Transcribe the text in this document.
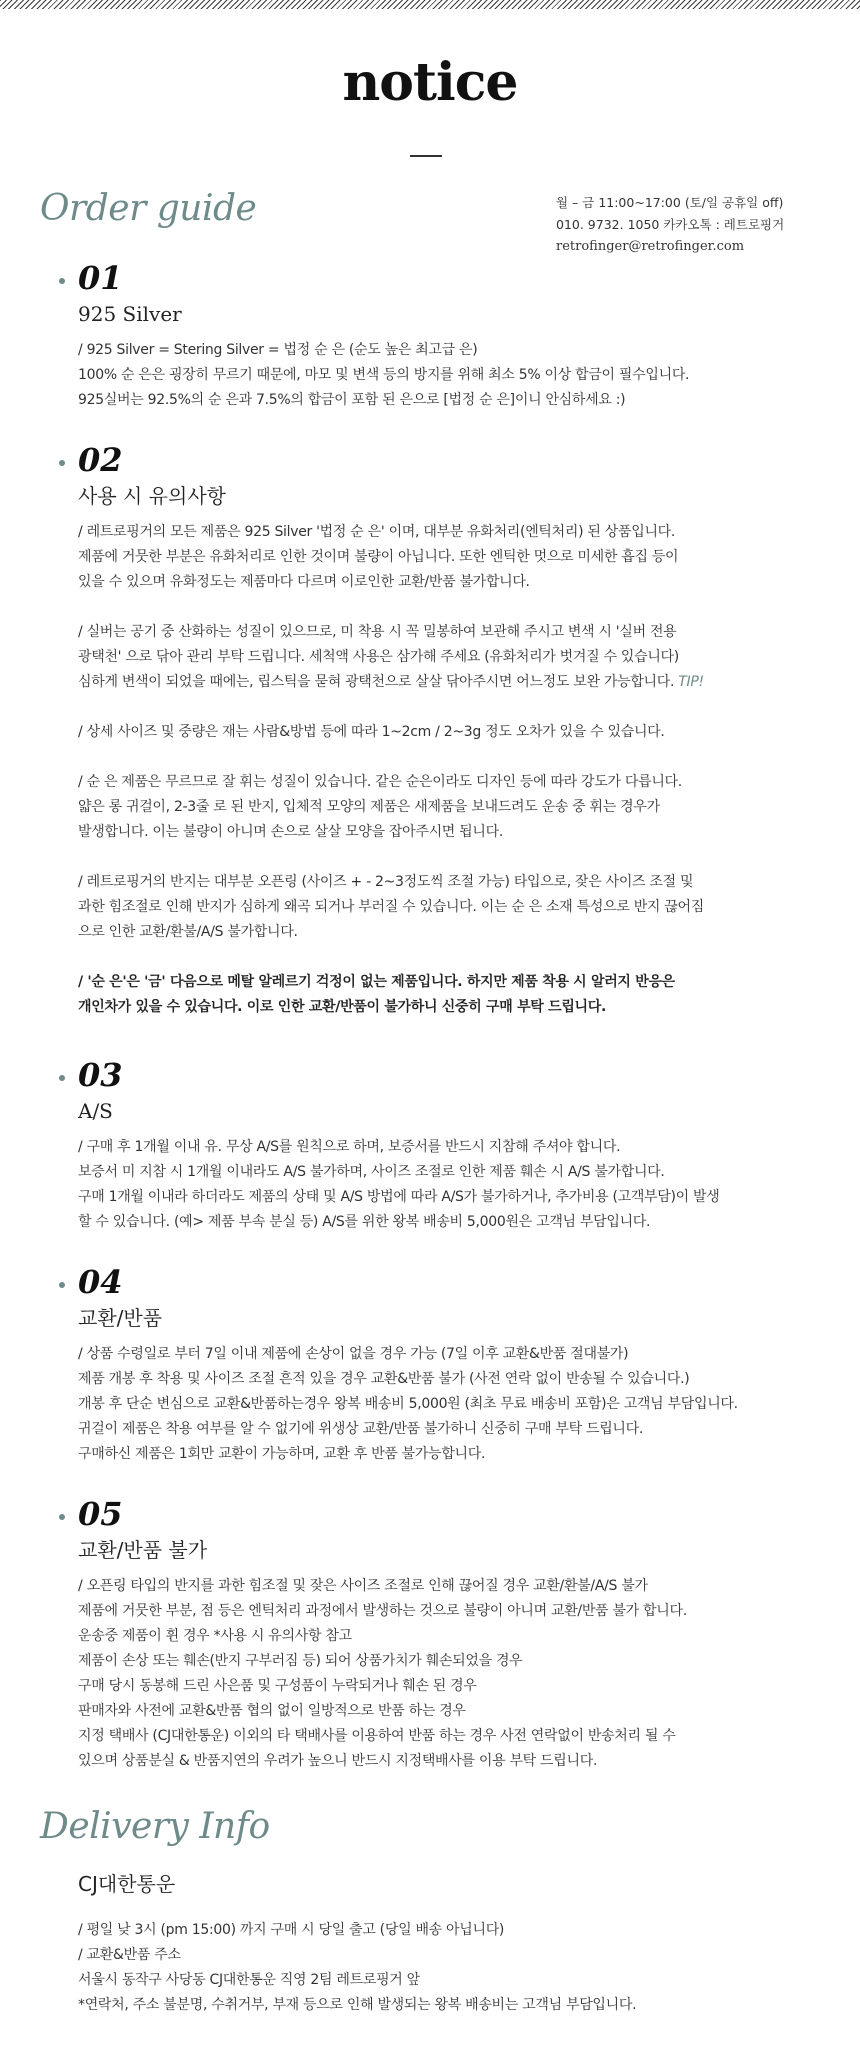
notice
Order guide	월 – 금 11:00~17:00 (토/일 공휴일 off)
010. 9732. 1050 카카오톡 : 레트로핑거
retrofinger@retrofinger.com
01
925 Silver
/ 925 Silver = Stering Silver = 법정 순 은 (순도 높은 최고급 은)
100% 순 은은 굉장히 무르기 때문에, 마모 및 변색 등의 방지를 위해 최소 5% 이상 합금이 필수입니다.
925실버는 92.5%의 순 은과 7.5%의 합금이 포함 된 은으로 [법정 순 은]이니 안심하세요 :)
02
사용 시 유의사항
/ 레트로핑거의 모든 제품은 925 Silver '법정 순 은' 이며, 대부분 유화처리(엔틱처리) 된 상품입니다.
제품에 거뭇한 부분은 유화처리로 인한 것이며 불량이 아닙니다. 또한 엔틱한 멋으로 미세한 흡집 등이
있을 수 있으며 유화정도는 제품마다 다르며 이로인한 교환/반품 불가합니다.
/ 실버는 공기 중 산화하는 성질이 있으므로, 미 착용 시 꼭 밀봉하여 보관해 주시고 변색 시 '실버 전용
광택천' 으로 닦아 관리 부탁 드립니다. 세척액 사용은 삼가해 주세요 (유화처리가 벗겨질 수 있습니다)
심하게 변색이 되었을 때에는, 립스틱을 묻혀 광택천으로 살살 닦아주시면 어느정도 보완 가능합니다. TIP!
/ 상세 사이즈 및 중량은 재는 사람&방법 등에 따라 1~2cm / 2~3g 정도 오차가 있을 수 있습니다.
/ 순 은 제품은 무르므로 잘 휘는 성질이 있습니다. 같은 순은이라도 디자인 등에 따라 강도가 다릅니다.
얇은 롱 귀걸이, 2-3줄 로 된 반지, 입체적 모양의 제품은 새제품을 보내드려도 운송 중 휘는 경우가
발생합니다. 이는 불량이 아니며 손으로 살살 모양을 잡아주시면 됩니다.
/ 레트로핑거의 반지는 대부분 오픈링 (사이즈 + - 2~3정도씩 조절 가능) 타입으로, 잦은 사이즈 조절 및
과한 힘조절로 인해 반지가 심하게 왜곡 되거나 부러질 수 있습니다. 이는 순 은 소재 특성으로 반지 끊어짐
으로 인한 교환/환불/A/S 불가합니다.
/ '순 은'은 '금' 다음으로 메탈 알레르기 걱정이 없는 제품입니다. 하지만 제품 착용 시 알러지 반응은
개인차가 있을 수 있습니다. 이로 인한 교환/반품이 불가하니 신중히 구매 부탁 드립니다.
03
A/S
/ 구매 후 1개월 이내 유. 무상 A/S를 원칙으로 하며, 보증서를 반드시 지참해 주셔야 합니다.
보증서 미 지참 시 1개월 이내라도 A/S 불가하며, 사이즈 조절로 인한 제품 훼손 시 A/S 불가합니다.
구매 1개월 이내라 하더라도 제품의 상태 및 A/S 방법에 따라 A/S가 불가하거나, 추가비용 (고객부담)이 발생
할 수 있습니다. (예> 제품 부속 분실 등) A/S를 위한 왕복 배송비 5,000원은 고객님 부담입니다.
04
교환/반품
/ 상품 수령일로 부터 7일 이내 제품에 손상이 없을 경우 가능 (7일 이후 교환&반품 절대불가)
제품 개봉 후 착용 및 사이즈 조절 흔적 있을 경우 교환&반품 불가 (사전 연락 없이 반송될 수 있습니다.)
개봉 후 단순 변심으로 교환&반품하는경우 왕복 배송비 5,000원 (최초 무료 배송비 포함)은 고객님 부담입니다.
귀걸이 제품은 착용 여부를 알 수 없기에 위생상 교환/반품 불가하니 신중히 구매 부탁 드립니다.
구매하신 제품은 1회만 교환이 가능하며, 교환 후 반품 불가능합니다.
05
교환/반품 불가
/ 오픈링 타입의 반지를 과한 힘조절 및 잦은 사이즈 조절로 인해 끊어질 경우 교환/환불/A/S 불가
제품에 거뭇한 부분, 점 등은 엔틱처리 과정에서 발생하는 것으로 불량이 아니며 교환/반품 불가 합니다.
운송중 제품이 휜 경우 *사용 시 유의사항 참고
제품이 손상 또는 훼손(반지 구부러짐 등) 되어 상품가치가 훼손되었을 경우
구매 당시 동봉해 드린 사은품 및 구성품이 누락되거나 훼손 된 경우
판매자와 사전에 교환&반품 협의 없이 일방적으로 반품 하는 경우
지정 택배사 (CJ대한통운) 이외의 타 택배사를 이용하여 반품 하는 경우 사전 연락없이 반송처리 될 수
있으며 상품분실 & 반품지연의 우려가 높으니 반드시 지정택배사를 이용 부탁 드립니다.
Delivery Info
CJ대한통운
/ 평일 낮 3시 (pm 15:00) 까지 구매 시 당일 출고 (당일 배송 아닙니다)
/ 교환&반품 주소
서울시 동작구 사당동 CJ대한통운 직영 2팀 레트로핑거 앞
*연락처, 주소 불분명, 수취거부, 부재 등으로 인해 발생되는 왕복 배송비는 고객님 부담입니다.
